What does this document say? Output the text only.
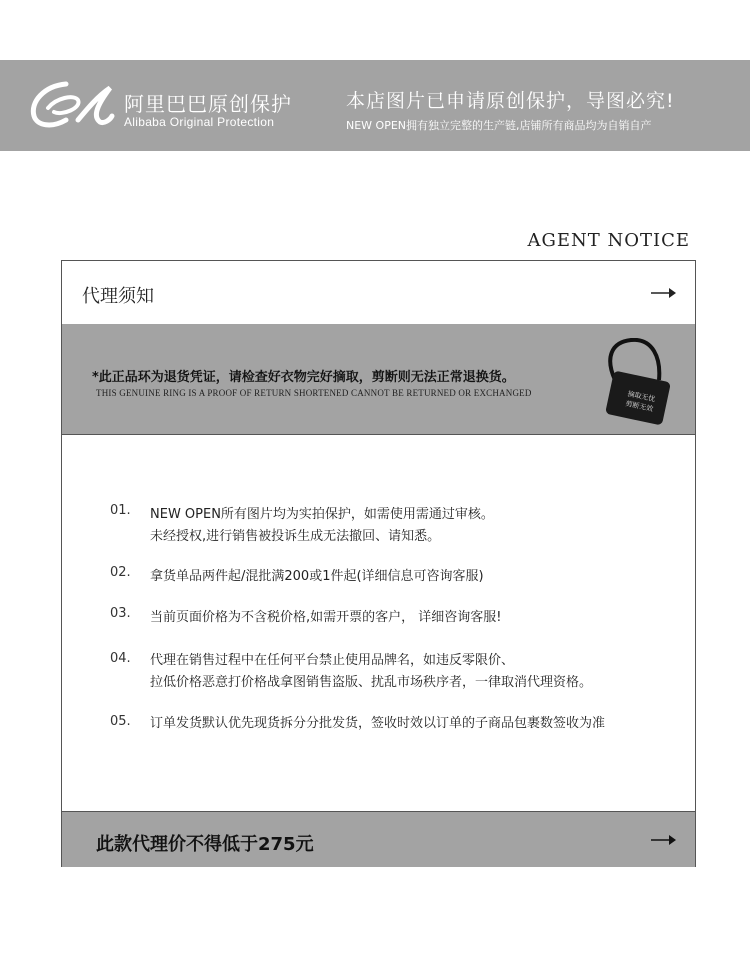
阿里巴巴原创保护
Alibaba Original Protection
本店图片已申请原创保护，导图必究!
NEW OPEN拥有独立完整的生产链,店铺所有商品均为自销自产
AGENT NOTICE
代理须知
*此正品环为退货凭证，请检查好衣物完好摘取，剪断则无法正常退换货。
THIS GENUINE RING IS A PROOF OF RETURN SHORTENED CANNOT BE RETURNED OR EXCHANGED	摘取无忧
剪断无效
01. NEW OPEN所有图片均为实拍保护，如需使用需通过审核。
未经授权,进行销售被投诉生成无法撤回、请知悉。
02. 拿货单品两件起/混批满200或1件起(详细信息可咨询客服)
03. 当前页面价格为不含税价格,如需开票的客户， 详细咨询客服!
04. 代理在销售过程中在任何平台禁止使用品牌名，如违反零限价、
拉低价格恶意打价格战拿图销售盗版、扰乱市场秩序者，一律取消代理资格。
05. 订单发货默认优先现货拆分分批发货，签收时效以订单的子商品包裹数签收为准
此款代理价不得低于275元
